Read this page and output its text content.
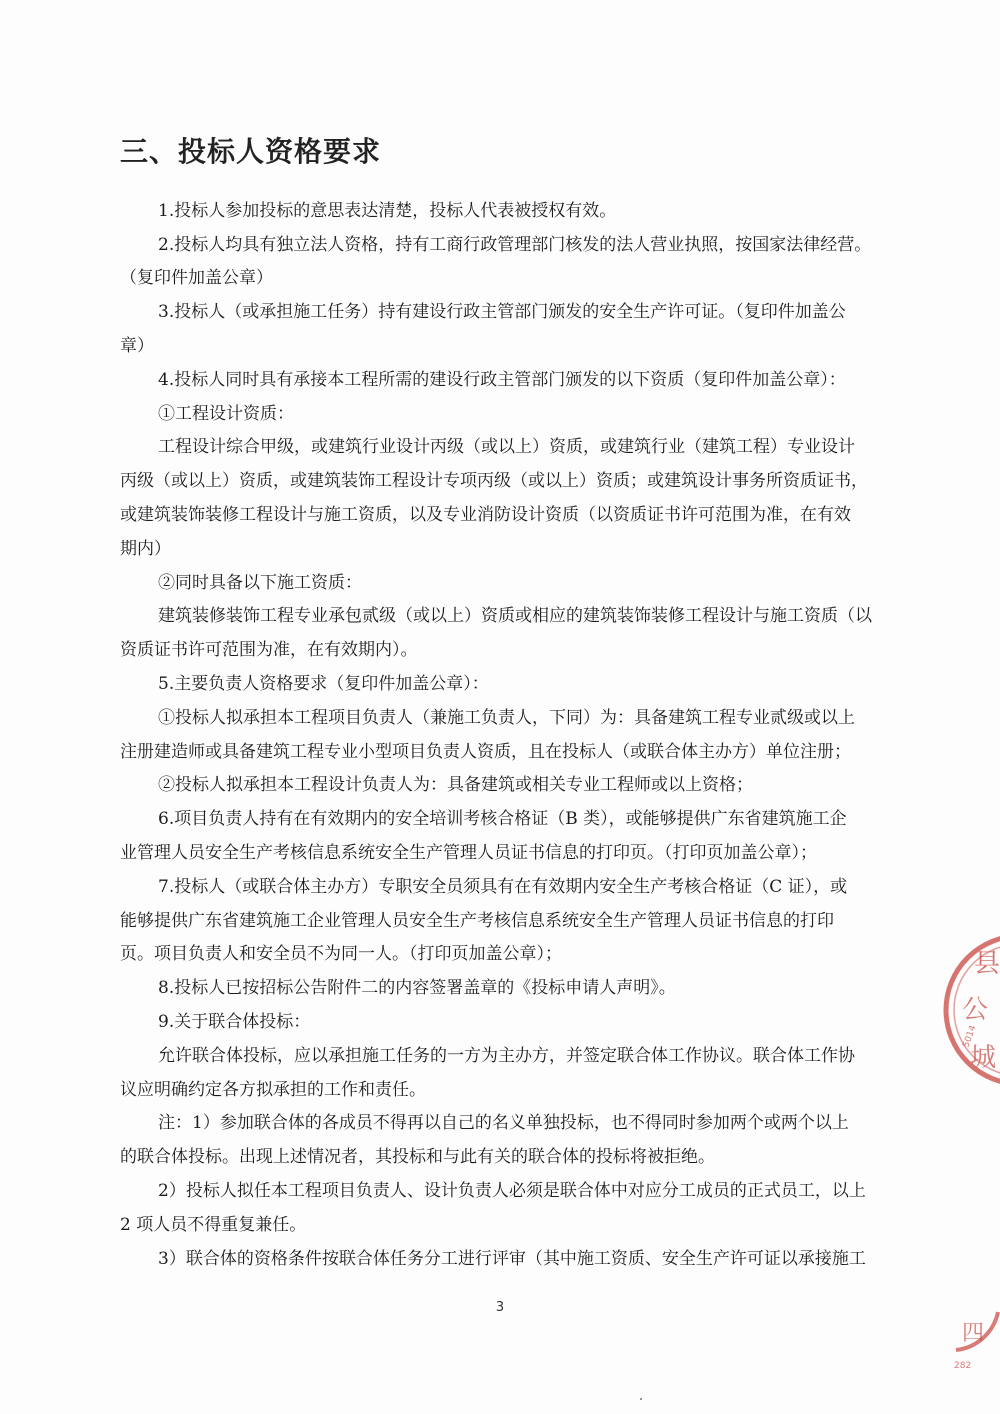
三、投标人资格要求
1.投标人参加投标的意思表达清楚，投标人代表被授权有效。
2.投标人均具有独立法人资格，持有工商行政管理部门核发的法人营业执照，按国家法律经营。
（复印件加盖公章）
3.投标人（或承担施工任务）持有建设行政主管部门颁发的安全生产许可证。（复印件加盖公
章）
4.投标人同时具有承接本工程所需的建设行政主管部门颁发的以下资质（复印件加盖公章）：
①工程设计资质：
工程设计综合甲级，或建筑行业设计丙级（或以上）资质，或建筑行业（建筑工程）专业设计
丙级（或以上）资质，或建筑装饰工程设计专项丙级（或以上）资质；或建筑设计事务所资质证书，
或建筑装饰装修工程设计与施工资质，以及专业消防设计资质（以资质证书许可范围为准，在有效
期内）
②同时具备以下施工资质：
建筑装修装饰工程专业承包贰级（或以上）资质或相应的建筑装饰装修工程设计与施工资质（以
资质证书许可范围为准，在有效期内）。
5.主要负责人资格要求（复印件加盖公章）：
①投标人拟承担本工程项目负责人（兼施工负责人，下同）为：具备建筑工程专业贰级或以上
注册建造师或具备建筑工程专业小型项目负责人资质，且在投标人（或联合体主办方）单位注册；
②投标人拟承担本工程设计负责人为：具备建筑或相关专业工程师或以上资格；
6.项目负责人持有在有效期内的安全培训考核合格证（B 类），或能够提供广东省建筑施工企
业管理人员安全生产考核信息系统安全生产管理人员证书信息的打印页。（打印页加盖公章）；
7.投标人（或联合体主办方）专职安全员须具有在有效期内安全生产考核合格证（C 证），或
能够提供广东省建筑施工企业管理人员安全生产考核信息系统安全生产管理人员证书信息的打印
页。项目负责人和安全员不为同一人。（打印页加盖公章）；
8.投标人已按招标公告附件二的内容签署盖章的《投标申请人声明》。
9.关于联合体投标：
允许联合体投标，应以承担施工任务的一方为主办方，并签定联合体工作协议。联合体工作协
议应明确约定各方拟承担的工作和责任。
注：1）参加联合体的各成员不得再以自己的名义单独投标，也不得同时参加两个或两个以上
的联合体投标。出现上述情况者，其投标和与此有关的联合体的投标将被拒绝。
2）投标人拟任本工程项目负责人、设计负责人必须是联合体中对应分工成员的正式员工，以上
2 项人员不得重复兼任。
3）联合体的资格条件按联合体任务分工进行评审（其中施工资质、安全生产许可证以承接施工
3
县
公
城
5014
四
282
